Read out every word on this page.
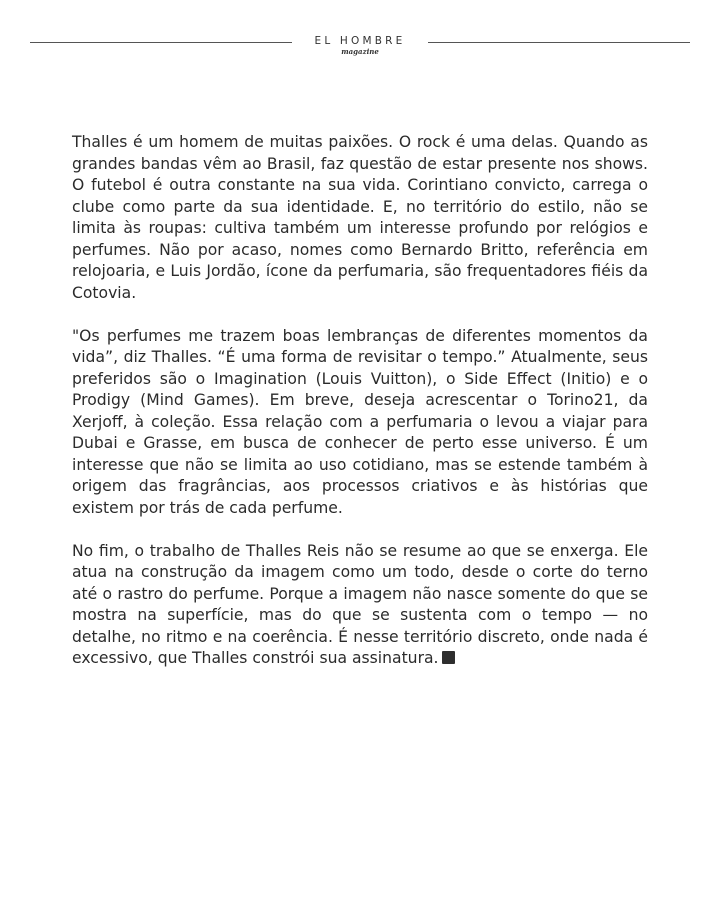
EL HOMBRE
magazine

Thalles é um homem de muitas paixões. O rock é uma delas. Quando as grandes bandas vêm ao Brasil, faz questão de estar presente nos shows. O futebol é outra constante na sua vida. Corintiano convicto, carrega o clube como parte da sua identidade. E, no território do estilo, não se limita às roupas: cultiva também um interesse profundo por relógios e perfumes. Não por acaso, nomes como Bernardo Britto, referência em relojoaria, e Luis Jordão, ícone da perfumaria, são frequentadores fiéis da Cotovia.

"Os perfumes me trazem boas lembranças de diferentes momentos da vida”, diz Thalles. “É uma forma de revisitar o tempo.” Atualmente, seus preferidos são o Imagination (Louis Vuitton), o Side Effect (Initio) e o Prodigy (Mind Games). Em breve, deseja acrescentar o Torino21, da Xerjoff, à coleção. Essa relação com a perfumaria o levou a viajar para Dubai e Grasse, em busca de conhecer de perto esse universo. É um interesse que não se limita ao uso cotidiano, mas se estende também à origem das fragrâncias, aos processos criativos e às histórias que existem por trás de cada perfume.

No fim, o trabalho de Thalles Reis não se resume ao que se enxerga. Ele atua na construção da imagem como um todo, desde o corte do terno até o rastro do perfume. Porque a imagem não nasce somente do que se mostra na superfície, mas do que se sustenta com o tempo — no detalhe, no ritmo e na coerência. É nesse território discreto, onde nada é excessivo, que Thalles constrói sua assinatura.
